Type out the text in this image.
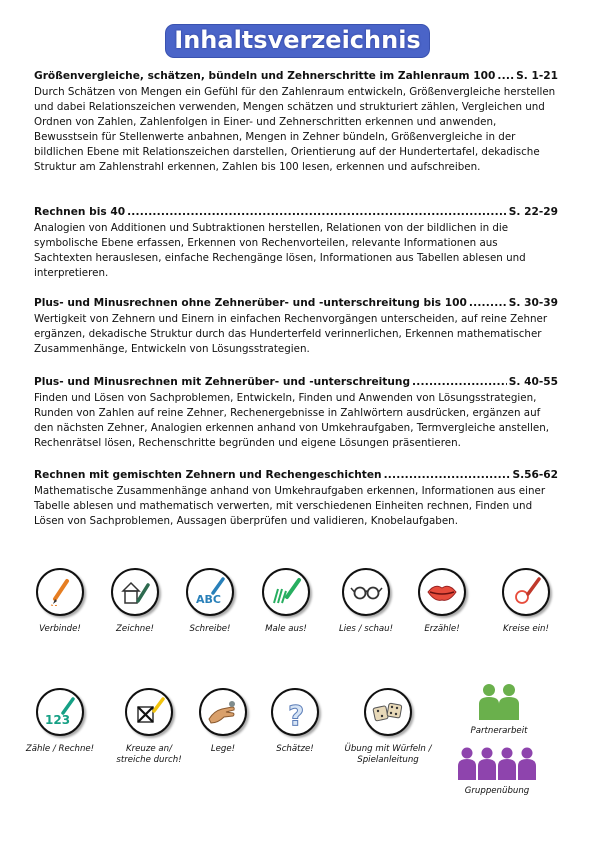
Inhaltsverzeichnis
Größenvergleiche, schätzen, bündeln und Zehnerschritte im Zahlenraum 100 ..... S. 1-21
Durch Schätzen von Mengen ein Gefühl für den Zahlenraum entwickeln, Größenvergleiche herstellen und dabei Relationszeichen verwenden, Mengen schätzen und strukturiert zählen, Vergleichen und Ordnen von Zahlen, Zahlenfolgen in Einer- und Zehnerschritten erkennen und anwenden, Bewusstsein für Stellenwerte anbahnen, Mengen in Zehner bündeln, Größenvergleiche in der bildlichen Ebene mit Relationszeichen darstellen, Orientierung auf der Hundertertafel, dekadische Struktur am Zahlenstrahl erkennen, Zahlen bis 100 lesen, erkennen und aufschreiben.
Rechnen bis 40 .....	S. 22-29
Analogien von Additionen und Subtraktionen herstellen, Relationen von der bildlichen in die symbolische Ebene erfassen, Erkennen von Rechenvorteilen, relevante Informationen aus Sachtexten herauslesen, einfache Rechengänge lösen, Informationen aus Tabellen ablesen und interpretieren.
Plus- und Minusrechnen ohne Zehnerüber- und -unterschreitung bis 100 .....	S. 30-39
Wertigkeit von Zehnern und Einern in einfachen Rechenvorgängen unterscheiden, auf reine Zehner ergänzen, dekadische Struktur durch das Hunderterfeld verinnerlichen, Erkennen mathematischer Zusammenhänge, Entwickeln von Lösungsstrategien.
Plus- und Minusrechnen mit Zehnerüber- und -unterschreitung .....	S. 40-55
Finden und Lösen von Sachproblemen, Entwickeln, Finden und Anwenden von Lösungsstrategien, Runden von Zahlen auf reine Zehner, Rechenergebnisse in Zahlwörtern ausdrücken, ergänzen auf den nächsten Zehner, Analogien erkennen anhand von Umkehraufgaben, Termvergleiche anstellen, Rechenrätsel lösen, Rechenschritte begründen und eigene Lösungen präsentieren.
Rechnen mit gemischten Zehnern und Rechengeschichten .....	S.56-62
Mathematische Zusammenhänge anhand von Umkehraufgaben erkennen, Informationen aus einer Tabelle ablesen und mathematisch verwerten, mit verschiedenen Einheiten rechnen, Finden und Lösen von Sachproblemen, Aussagen überprüfen und validieren, Knobelaufgaben.
Verbinde!	Zeichne!
ABC
Schreibe!	Male aus!	Lies / schau!	Erzähle!	Kreise ein!
123
Zähle / Rechne!	Kreuze an/ streiche durch!
Lege!
?
Schätze!	Übung mit Würfeln / Spielanleitung
Partnerarbeit
Gruppenübung
